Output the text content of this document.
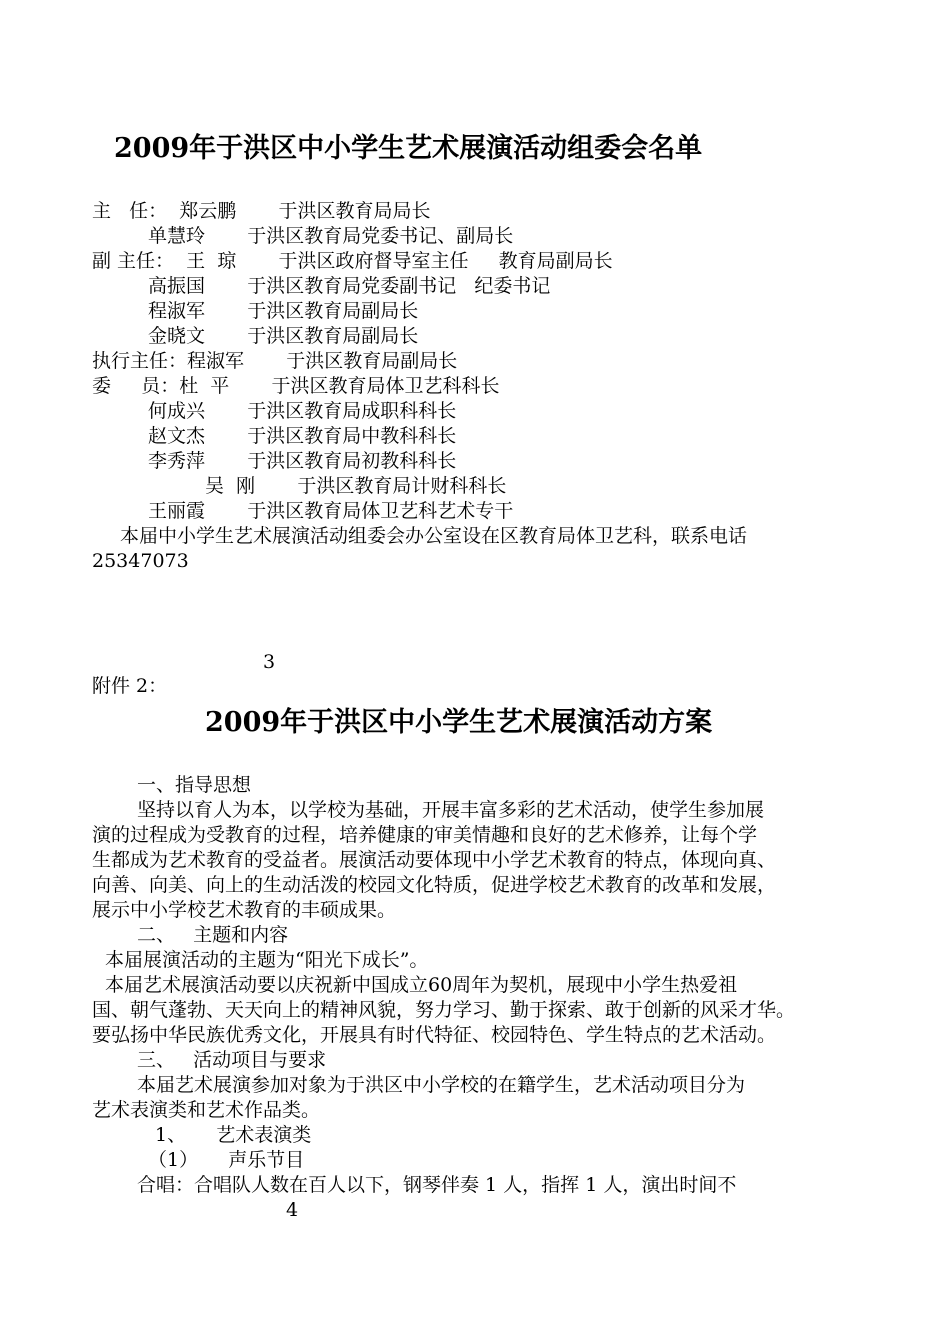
2009年于洪区中小学生艺术展演活动组委会名单
主   任：  郑云鹏       于洪区教育局局长
单慧玲       于洪区教育局党委书记、副局长
副 主任：  王  琼       于洪区政府督导室主任     教育局副局长
高振国       于洪区教育局党委副书记   纪委书记
程淑军       于洪区教育局副局长
金晓文       于洪区教育局副局长
执行主任：程淑军       于洪区教育局副局长
委     员：杜  平       于洪区教育局体卫艺科科长
何成兴       于洪区教育局成职科科长
赵文杰       于洪区教育局中教科科长
李秀萍       于洪区教育局初教科科长
吴  刚       于洪区教育局计财科科长
王丽霞       于洪区教育局体卫艺科艺术专干
本届中小学生艺术展演活动组委会办公室设在区教育局体卫艺科，联系电话
25347073
3
附件 2：
2009年于洪区中小学生艺术展演活动方案
一、指导思想
坚持以育人为本，以学校为基础，开展丰富多彩的艺术活动，使学生参加展
演的过程成为受教育的过程，培养健康的审美情趣和良好的艺术修养，让每个学
生都成为艺术教育的受益者。展演活动要体现中小学艺术教育的特点，体现向真、
向善、向美、向上的生动活泼的校园文化特质，促进学校艺术教育的改革和发展，
展示中小学校艺术教育的丰硕成果。
二、   主题和内容
本届展演活动的主题为“阳光下成长”。
本届艺术展演活动要以庆祝新中国成立60周年为契机，展现中小学生热爱祖
国、朝气蓬勃、天天向上的精神风貌，努力学习、勤于探索、敢于创新的风采才华。
要弘扬中华民族优秀文化，开展具有时代特征、校园特色、学生特点的艺术活动。
三、   活动项目与要求
本届艺术展演参加对象为于洪区中小学校的在籍学生，艺术活动项目分为
艺术表演类和艺术作品类。
1、     艺术表演类
（1）     声乐节目
合唱：合唱队人数在百人以下，钢琴伴奏 1 人，指挥 1 人，演出时间不
4
